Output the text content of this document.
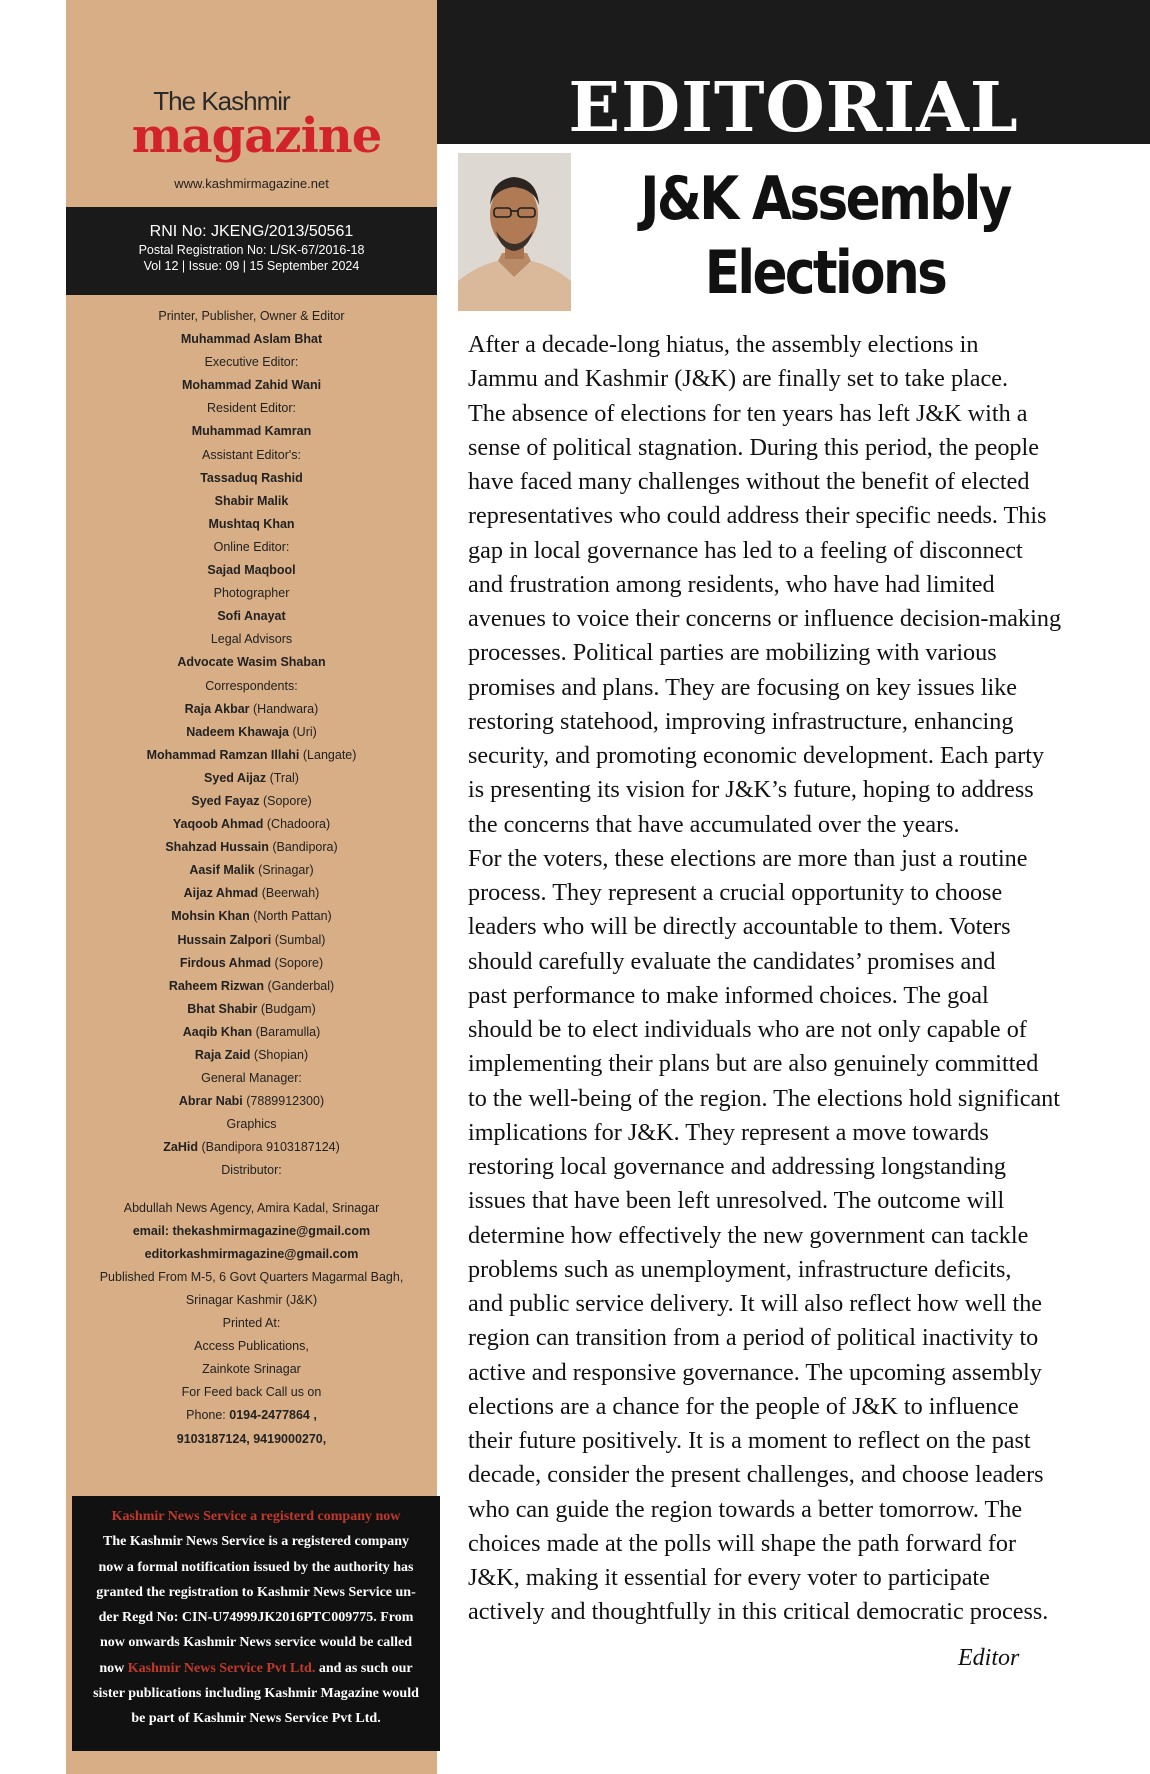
The Kashmir
magazine
www.kashmirmagazine.net
RNI No: JKENG/2013/50561
Postal Registration No: L/SK-67/2016-18
Vol 12 | Issue: 09 | 15 September 2024
Printer, Publisher, Owner & Editor
Muhammad Aslam Bhat
Executive Editor:
Mohammad Zahid Wani
Resident Editor:
Muhammad Kamran
Assistant Editor's:
Tassaduq Rashid
Shabir Malik
Mushtaq Khan
Online Editor:
Sajad Maqbool
Photographer
Sofi Anayat
Legal Advisors
Advocate Wasim Shaban
Correspondents:
Raja Akbar (Handwara)
Nadeem Khawaja (Uri)
Mohammad Ramzan Illahi (Langate)
Syed Aijaz (Tral)
Syed Fayaz (Sopore)
Yaqoob Ahmad (Chadoora)
Shahzad Hussain (Bandipora)
Aasif Malik (Srinagar)
Aijaz Ahmad (Beerwah)
Mohsin Khan (North Pattan)
Hussain Zalpori (Sumbal)
Firdous Ahmad (Sopore)
Raheem Rizwan (Ganderbal)
Bhat Shabir (Budgam)
Aaqib Khan (Baramulla)
Raja Zaid (Shopian)
General Manager:
Abrar Nabi (7889912300)
Graphics
ZaHid (Bandipora 9103187124)
Distributor:
Abdullah News Agency, Amira Kadal, Srinagar
email: thekashmirmagazine@gmail.com
editorkashmirmagazine@gmail.com
Published From M-5, 6 Govt Quarters Magarmal Bagh,
Srinagar Kashmir (J&K)
Printed At:
Access Publications,
Zainkote Srinagar
For Feed back Call us on
Phone: 0194-2477864 ,
9103187124, 9419000270,
Kashmir News Service a registerd company now
The Kashmir News Service is a registered company
now a formal notification issued by the authority has
granted the registration to Kashmir News Service un-
der Regd No: CIN-U74999JK2016PTC009775. From
now onwards Kashmir News service would be called
now Kashmir News Service Pvt Ltd. and as such our
sister publications including Kashmir Magazine would
be part of Kashmir News Service Pvt Ltd.
EDITORIAL
J&K Assembly
Elections
After a decade-long hiatus, the assembly elections in
Jammu and Kashmir (J&K) are finally set to take place.
The absence of elections for ten years has left J&K with a
sense of political stagnation. During this period, the people
have faced many challenges without the benefit of elected
representatives who could address their specific needs. This
gap in local governance has led to a feeling of disconnect
and frustration among residents, who have had limited
avenues to voice their concerns or influence decision-making
processes. Political parties are mobilizing with various
promises and plans. They are focusing on key issues like
restoring statehood, improving infrastructure, enhancing
security, and promoting economic development. Each party
is presenting its vision for J&K’s future, hoping to address
the concerns that have accumulated over the years.
For the voters, these elections are more than just a routine
process. They represent a crucial opportunity to choose
leaders who will be directly accountable to them. Voters
should carefully evaluate the candidates’ promises and
past performance to make informed choices. The goal
should be to elect individuals who are not only capable of
implementing their plans but are also genuinely committed
to the well-being of the region. The elections hold significant
implications for J&K. They represent a move towards
restoring local governance and addressing longstanding
issues that have been left unresolved. The outcome will
determine how effectively the new government can tackle
problems such as unemployment, infrastructure deficits,
and public service delivery. It will also reflect how well the
region can transition from a period of political inactivity to
active and responsive governance. The upcoming assembly
elections are a chance for the people of J&K to influence
their future positively. It is a moment to reflect on the past
decade, consider the present challenges, and choose leaders
who can guide the region towards a better tomorrow. The
choices made at the polls will shape the path forward for
J&K, making it essential for every voter to participate
actively and thoughtfully in this critical democratic process.
Editor
